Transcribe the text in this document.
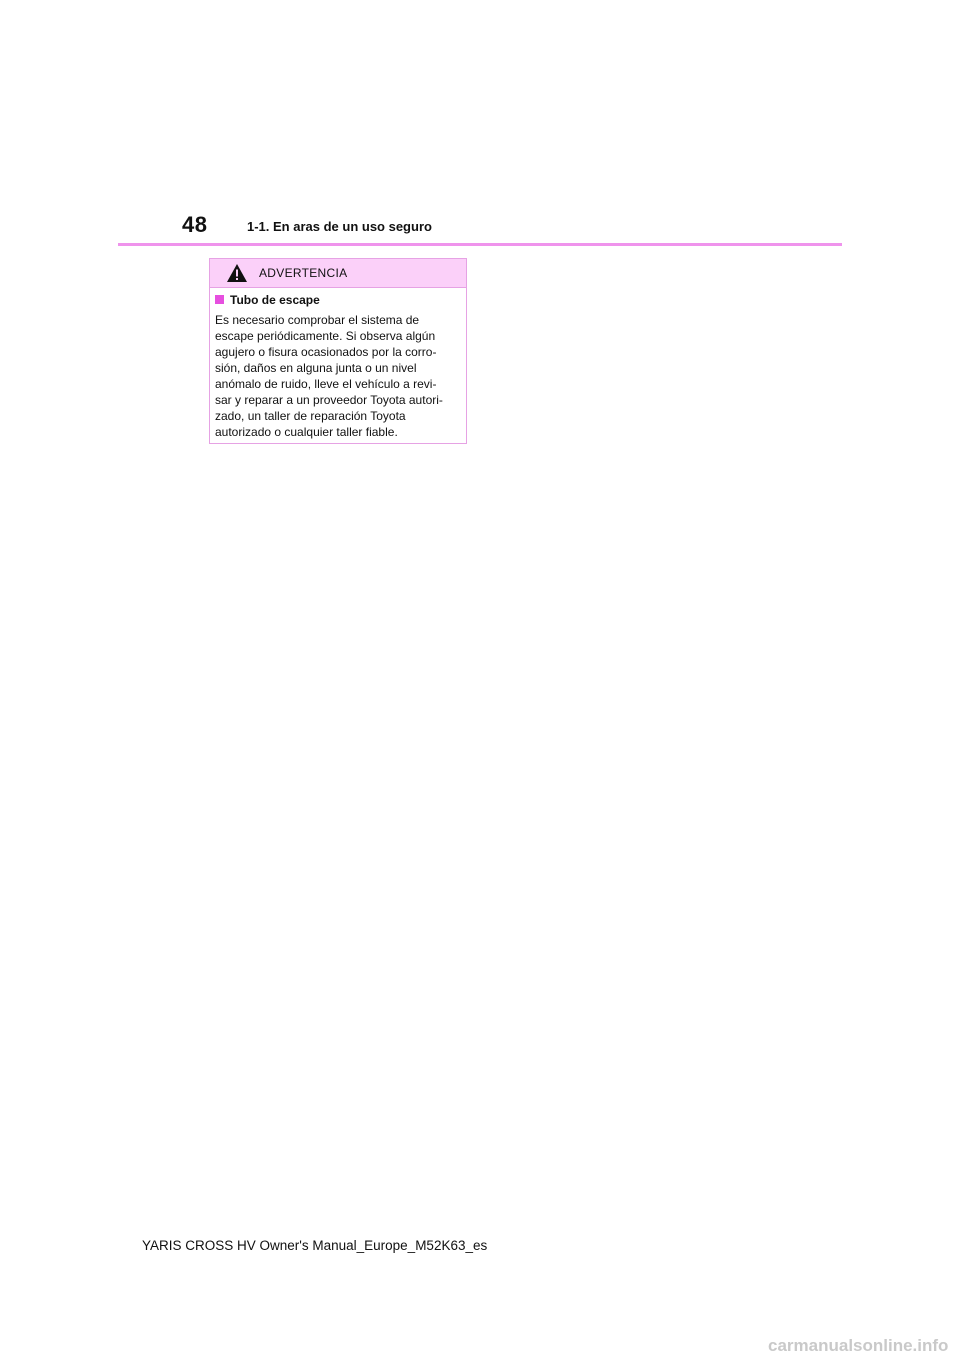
48	1-1. En aras de un uso seguro
ADVERTENCIA
Tubo de escape
Es necesario comprobar el sistema de
escape periódicamente. Si observa algún
agujero o fisura ocasionados por la corro-
sión, daños en alguna junta o un nivel
anómalo de ruido, lleve el vehículo a revi-
sar y reparar a un proveedor Toyota autori-
zado, un taller de reparación Toyota
autorizado o cualquier taller fiable.
YARIS CROSS HV Owner's Manual_Europe_M52K63_es
carmanualsonline.info
